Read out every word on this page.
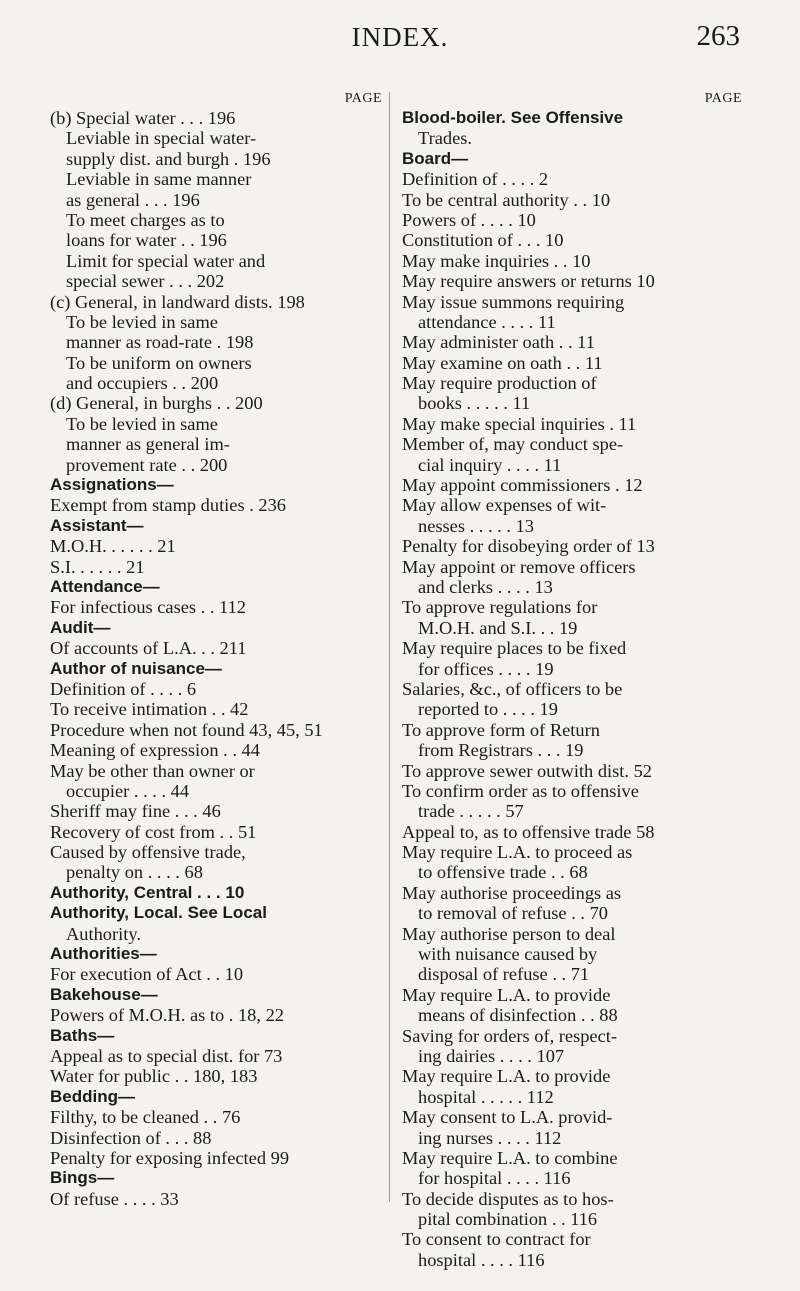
INDEX.	263
PAGE
(b) Special water . . . 196
Leviable in special water-
supply dist. and burgh . 196
Leviable in same manner
as general . . . 196
To meet charges as to
loans for water . . 196
Limit for special water and
special sewer . . . 202
(c) General, in landward dists. 198
To be levied in same
manner as road-rate . 198
To be uniform on owners
and occupiers . . 200
(d) General, in burghs . . 200
To be levied in same
manner as general im-
provement rate . . 200
Assignations—
Exempt from stamp duties . 236
Assistant—
M.O.H. . . . . . 21
S.I. . . . . . 21
Attendance—
For infectious cases . . 112
Audit—
Of accounts of L.A. . . 211
Author of nuisance—
Definition of . . . . 6
To receive intimation . . 42
Procedure when not found 43, 45, 51
Meaning of expression . . 44
May be other than owner or
occupier . . . . 44
Sheriff may fine . . . 46
Recovery of cost from . . 51
Caused by offensive trade,
penalty on . . . . 68
Authority, Central . . . 10
Authority, Local. See Local
Authority.
Authorities—
For execution of Act . . 10
Bakehouse—
Powers of M.O.H. as to . 18, 22
Baths—
Appeal as to special dist. for 73
Water for public . . 180, 183
Bedding—
Filthy, to be cleaned . . 76
Disinfection of . . . 88
Penalty for exposing infected 99
Bings—
Of refuse . . . . 33
PAGE
Blood-boiler. See Offensive
Trades.
Board—
Definition of . . . . 2
To be central authority . . 10
Powers of . . . . 10
Constitution of . . . 10
May make inquiries . . 10
May require answers or returns 10
May issue summons requiring
attendance . . . . 11
May administer oath . . 11
May examine on oath . . 11
May require production of
books . . . . . 11
May make special inquiries . 11
Member of, may conduct spe-
cial inquiry . . . . 11
May appoint commissioners . 12
May allow expenses of wit-
nesses . . . . . 13
Penalty for disobeying order of 13
May appoint or remove officers
and clerks . . . . 13
To approve regulations for
M.O.H. and S.I. . . 19
May require places to be fixed
for offices . . . . 19
Salaries, &c., of officers to be
reported to . . . . 19
To approve form of Return
from Registrars . . . 19
To approve sewer outwith dist. 52
To confirm order as to offensive
trade . . . . . 57
Appeal to, as to offensive trade 58
May require L.A. to proceed as
to offensive trade . . 68
May authorise proceedings as
to removal of refuse . . 70
May authorise person to deal
with nuisance caused by
disposal of refuse . . 71
May require L.A. to provide
means of disinfection . . 88
Saving for orders of, respect-
ing dairies . . . . 107
May require L.A. to provide
hospital . . . . . 112
May consent to L.A. provid-
ing nurses . . . . 112
May require L.A. to combine
for hospital . . . . 116
To decide disputes as to hos-
pital combination . . 116
To consent to contract for
hospital . . . . 116
